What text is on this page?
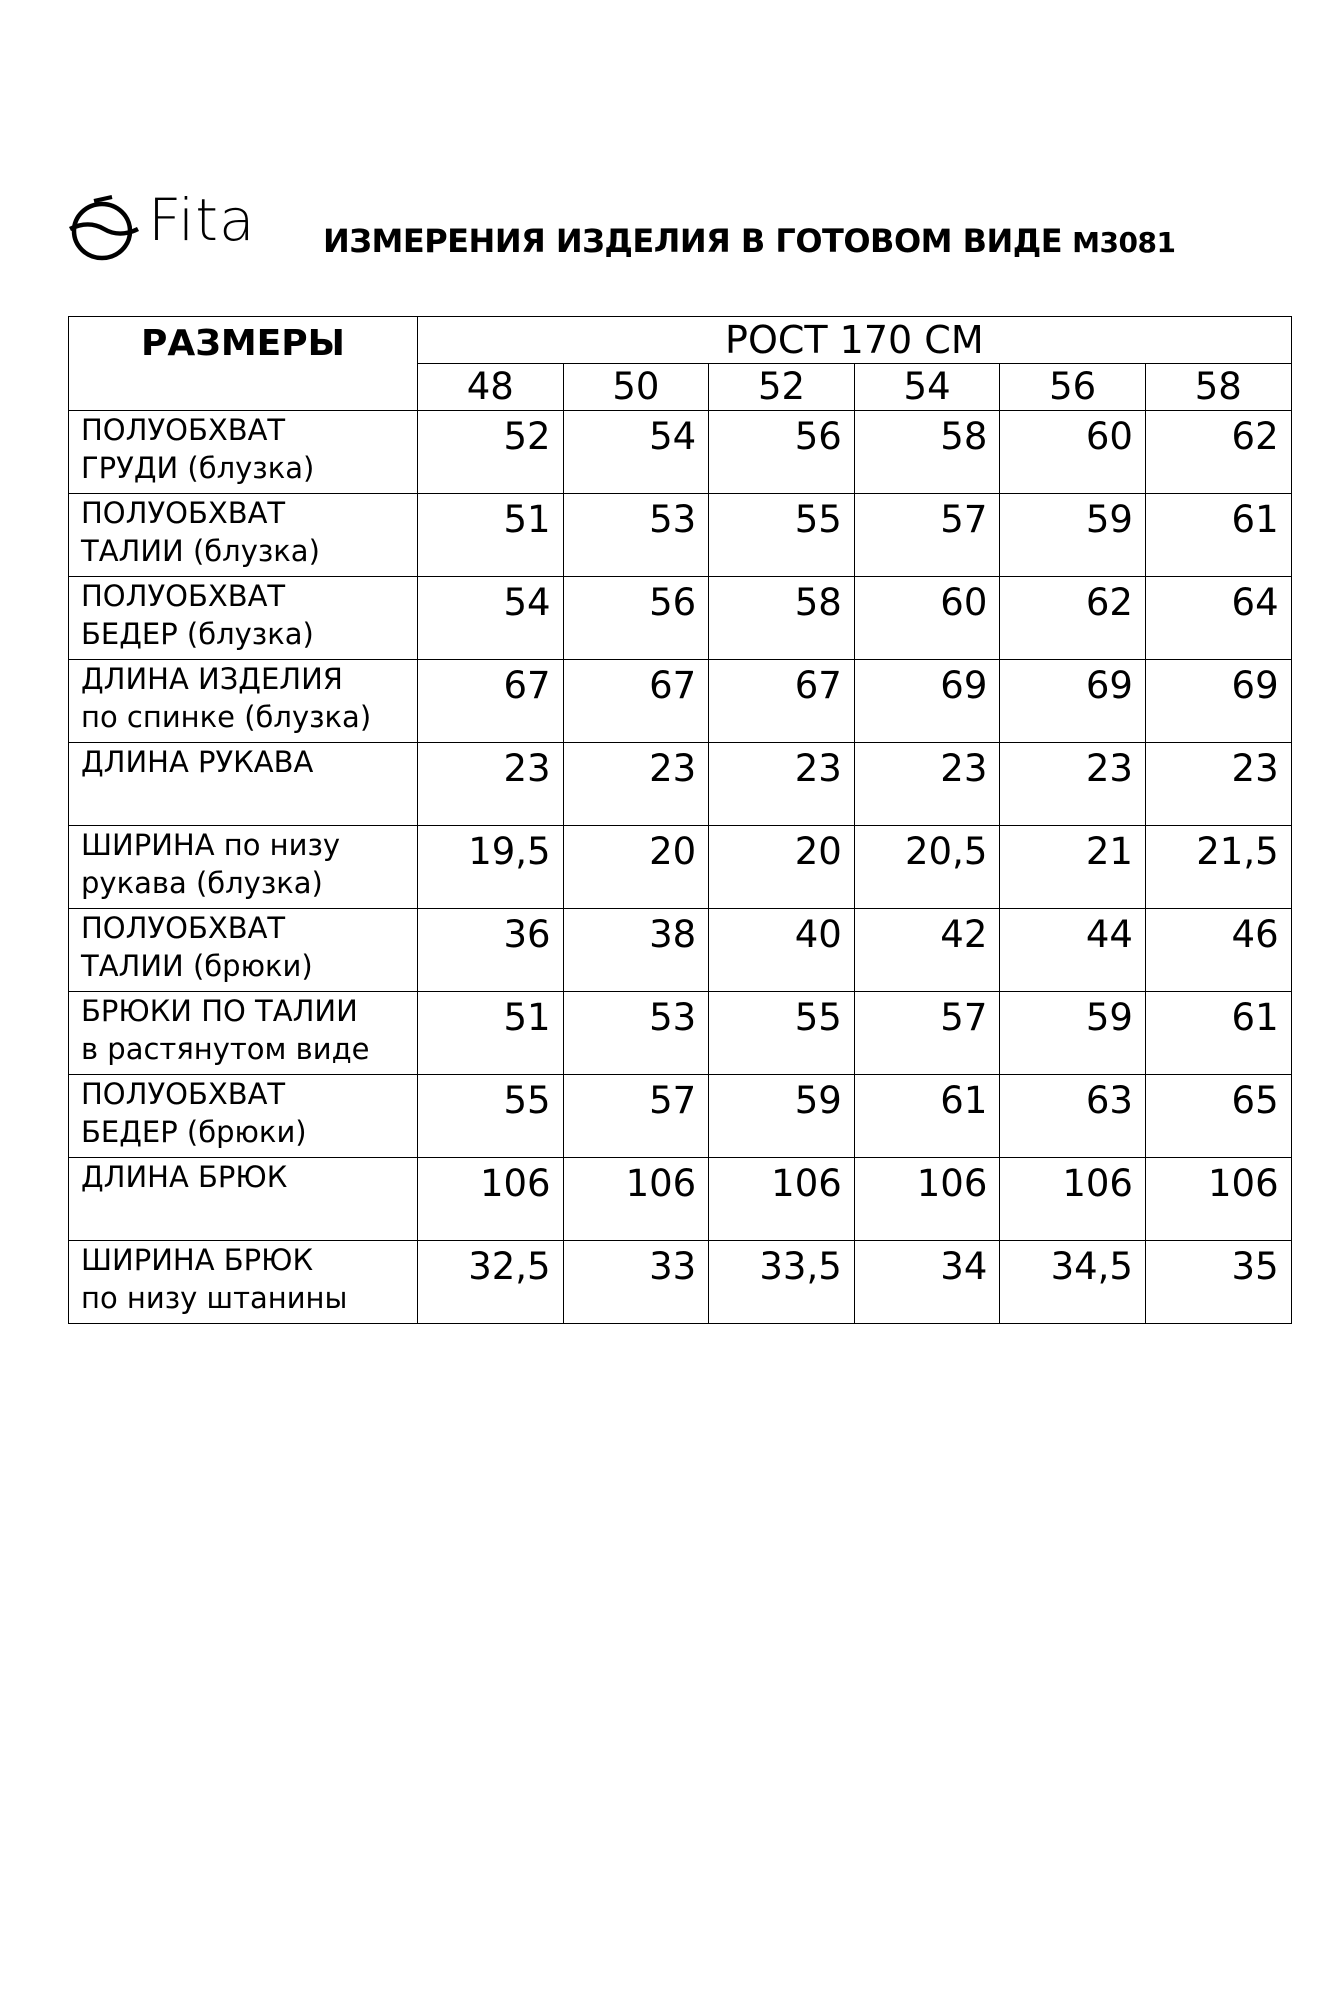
Fita ИЗМЕРЕНИЯ ИЗДЕЛИЯ В ГОТОВОМ ВИДЕ М3081
РАЗМЕРЫ	РОСТ 170 СМ					
	48	50	52	54	56	58

ПОЛУОБХВАТ
ГРУДИ (блузка)	52	54	56	58	60	62

ПОЛУОБХВАТ
ТАЛИИ (блузка)	51	53	55	57	59	61

ПОЛУОБХВАТ
БЕДЕР (блузка)	54	56	58	60	62	64

ДЛИНА ИЗДЕЛИЯ
по спинке (блузка)	67	67	67	69	69	69

ДЛИНА РУКАВА	23	23	23	23	23	23

ШИРИНА по низу
рукава (блузка)	19,5	20	20	20,5	21	21,5

ПОЛУОБХВАТ
ТАЛИИ (брюки)	36	38	40	42	44	46

БРЮКИ ПО ТАЛИИ
в растянутом виде	51	53	55	57	59	61

ПОЛУОБХВАТ
БЕДЕР (брюки)	55	57	59	61	63	65

ДЛИНА БРЮК	106	106	106	106	106	106

ШИРИНА БРЮК
по низу штанины	32,5	33	33,5	34	34,5	35
